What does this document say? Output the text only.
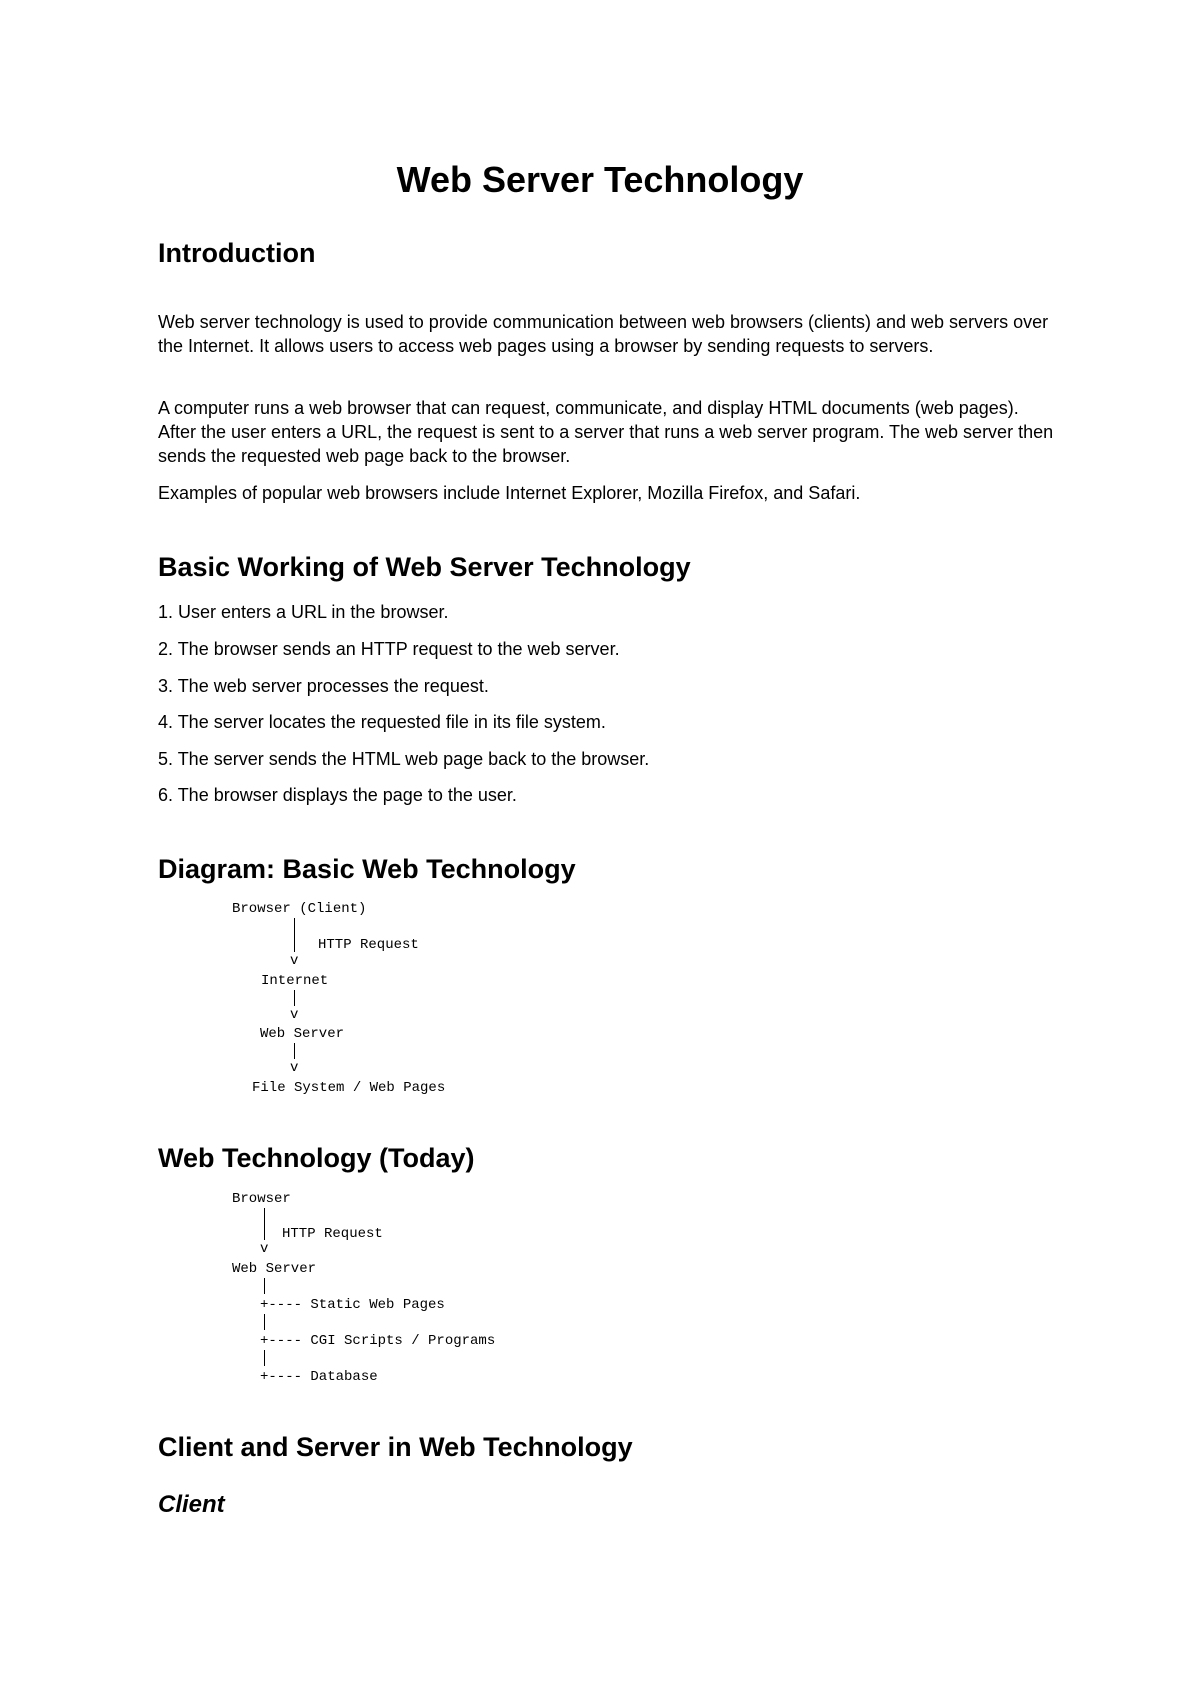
Web Server Technology
Introduction

Web server technology is used to provide communication between web browsers (clients) and web servers over the Internet. It allows users to access web pages using a browser by sending requests to servers.

A computer runs a web browser that can request, communicate, and display HTML documents (web pages). After the user enters a URL, the request is sent to a server that runs a web server program. The web server then sends the requested web page back to the browser.

Examples of popular web browsers include Internet Explorer, Mozilla Firefox, and Safari.

Basic Working of Web Server Technology

1. User enters a URL in the browser.

2. The browser sends an HTTP request to the web server.

3. The web server processes the request.

4. The server locates the requested file in its file system.

5. The server sends the HTML web page back to the browser.

6. The browser displays the page to the user.

Diagram: Basic Web Technology
Browser (Client)
HTTP Request
v
Internet
v
Web Server
v
File System / Web Pages
Web Technology (Today)
Browser
HTTP Request
v
Web Server
+---- Static Web Pages
+---- CGI Scripts / Programs
+---- Database
Client and Server in Web Technology
Client
